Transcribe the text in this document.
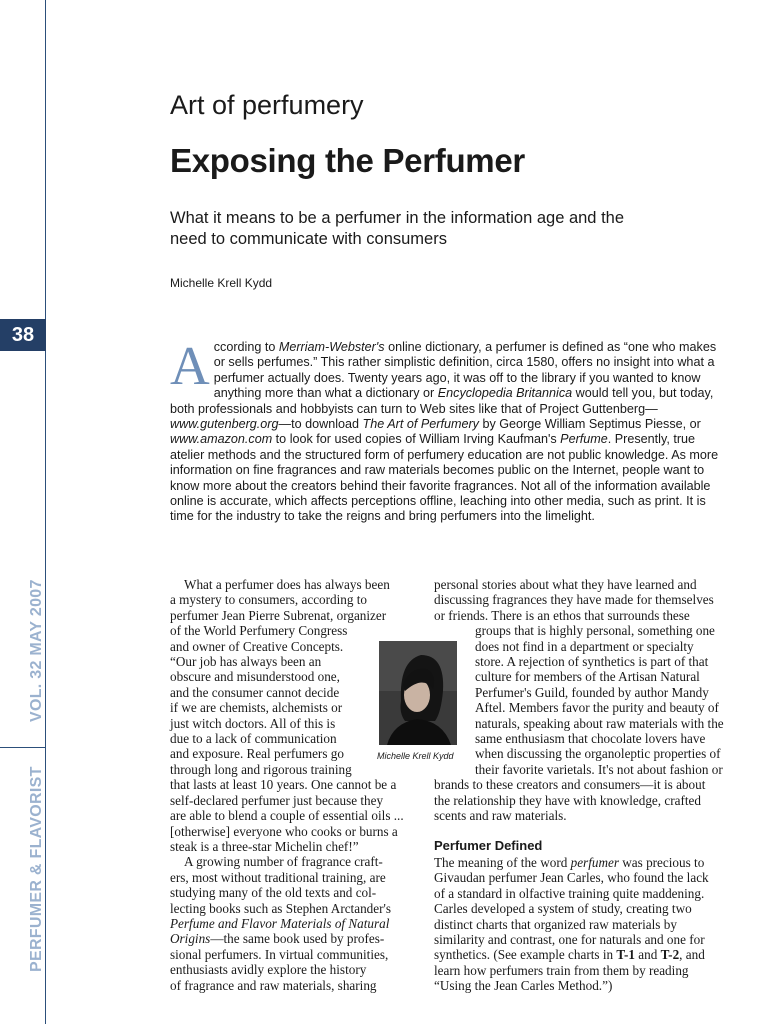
38
VOL. 32 MAY 2007
PERFUMER & FLAVORIST
Art of perfumery
Exposing the Perfumer
What it means to be a perfumer in the information age and the need to communicate with consumers
Michelle Krell Kydd
According to Merriam-Webster's online dictionary, a perfumer is defined as “one who makes or sells perfumes.” This rather simplistic definition, circa 1580, offers no insight into what a perfumer actually does. Twenty years ago, it was off to the library if you wanted to know anything more than what a dictionary or Encyclopedia Britannica would tell you, but today, both professionals and hobbyists can turn to Web sites like that of Project Guttenberg—www.gutenberg.org—to download The Art of Perfumery by George William Septimus Piesse, or www.amazon.com to look for used copies of William Irving Kaufman's Perfume. Presently, true atelier methods and the structured form of perfumery education are not public knowledge. As more information on fine fragrances and raw materials becomes public on the Internet, people want to know more about the creators behind their favorite fragrances. Not all of the information available online is accurate, which affects perceptions offline, leaching into other media, such as print. It is time for the industry to take the reigns and bring perfumers into the limelight.
What a perfumer does has always been
a mystery to consumers, according to
perfumer Jean Pierre Subrenat, organizer
of the World Perfumery Congress
and owner of Creative Concepts.
“Our job has always been an
obscure and misunderstood one,
and the consumer cannot decide
if we are chemists, alchemists or
just witch doctors. All of this is
due to a lack of communication
and exposure. Real perfumers go
through long and rigorous training
that lasts at least 10 years. One cannot be a
self-declared perfumer just because they
are able to blend a couple of essential oils ...
[otherwise] everyone who cooks or burns a
steak is a three-star Michelin chef!”
A growing number of fragrance craft-
ers, most without traditional training, are
studying many of the old texts and col-
lecting books such as Stephen Arctander's
Perfume and Flavor Materials of Natural
Origins—the same book used by profes-
sional perfumers. In virtual communities,
enthusiasts avidly explore the history
of fragrance and raw materials, sharing
Michelle Krell Kydd
personal stories about what they have learned and
discussing fragrances they have made for themselves
or friends. There is an ethos that surrounds these
groups that is highly personal, something one
does not find in a department or specialty
store. A rejection of synthetics is part of that
culture for members of the Artisan Natural
Perfumer's Guild, founded by author Mandy
Aftel. Members favor the purity and beauty of
naturals, speaking about raw materials with the
same enthusiasm that chocolate lovers have
when discussing the organoleptic properties of
their favorite varietals. It's not about fashion or
brands to these creators and consumers—it is about
the relationship they have with knowledge, crafted
scents and raw materials.
Perfumer Defined
The meaning of the word perfumer was precious to
Givaudan perfumer Jean Carles, who found the lack
of a standard in olfactive training quite maddening.
Carles developed a system of study, creating two
distinct charts that organized raw materials by
similarity and contrast, one for naturals and one for
synthetics. (See example charts in T-1 and T-2, and
learn how perfumers train from them by reading
“Using the Jean Carles Method.”)
